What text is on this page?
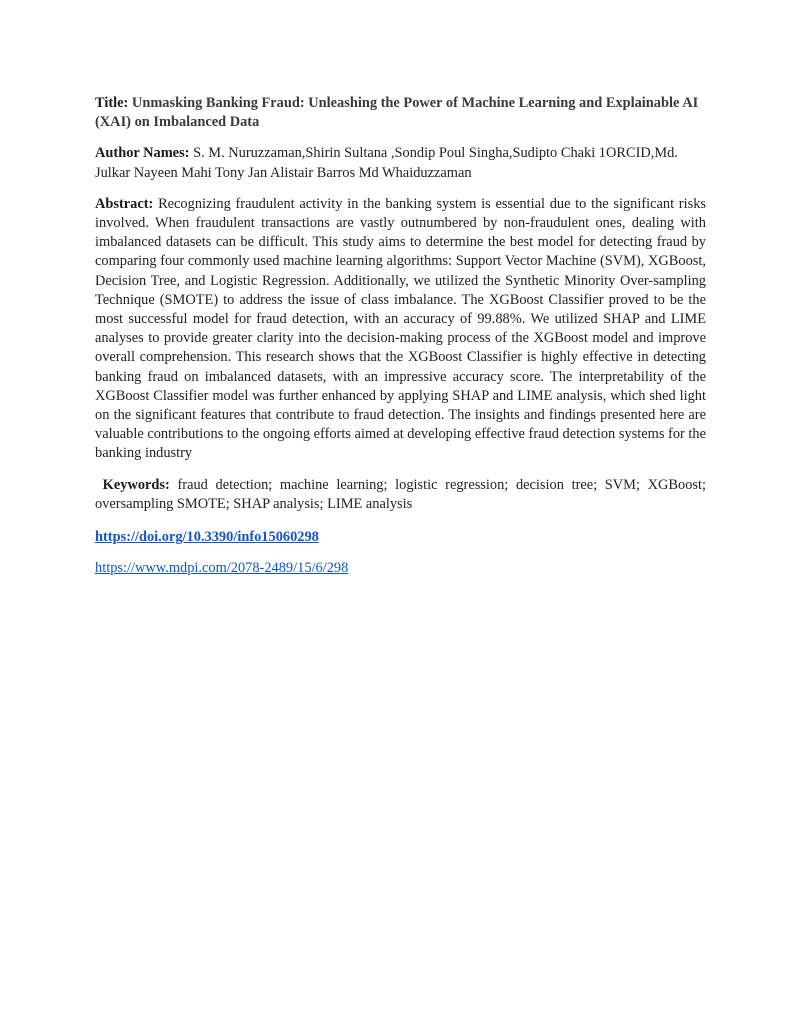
Title: Unmasking Banking Fraud: Unleashing the Power of Machine Learning and Explainable AI (XAI) on Imbalanced Data

Author Names: S. M. Nuruzzaman,Shirin Sultana ,Sondip Poul Singha,Sudipto Chaki 1ORCID,Md. Julkar Nayeen Mahi Tony Jan Alistair Barros Md Whaiduzzaman

Abstract: Recognizing fraudulent activity in the banking system is essential due to the significant risks involved. When fraudulent transactions are vastly outnumbered by non-fraudulent ones, dealing with imbalanced datasets can be difficult. This study aims to determine the best model for detecting fraud by comparing four commonly used machine learning algorithms: Support Vector Machine (SVM), XGBoost, Decision Tree, and Logistic Regression. Additionally, we utilized the Synthetic Minority Over-sampling Technique (SMOTE) to address the issue of class imbalance. The XGBoost Classifier proved to be the most successful model for fraud detection, with an accuracy of 99.88%. We utilized SHAP and LIME analyses to provide greater clarity into the decision-making process of the XGBoost model and improve overall comprehension. This research shows that the XGBoost Classifier is highly effective in detecting banking fraud on imbalanced datasets, with an impressive accuracy score. The interpretability of the XGBoost Classifier model was further enhanced by applying SHAP and LIME analysis, which shed light on the significant features that contribute to fraud detection. The insights and findings presented here are valuable contributions to the ongoing efforts aimed at developing effective fraud detection systems for the banking industry

Keywords: fraud detection; machine learning; logistic regression; decision tree; SVM; XGBoost; oversampling SMOTE; SHAP analysis; LIME analysis

https://doi.org/10.3390/info15060298
https://www.mdpi.com/2078-2489/15/6/298
